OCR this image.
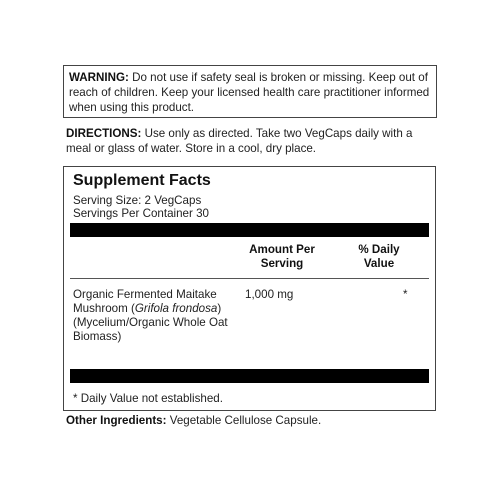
WARNING: Do not use if safety seal is broken or missing. Keep out of reach of children. Keep your licensed health care practitioner informed when using this product.
DIRECTIONS: Use only as directed. Take two VegCaps daily with a meal or glass of water. Store in a cool, dry place.
Supplement Facts
Serving Size: 2 VegCaps
Servings Per Container 30
Amount Per
Serving
% Daily
Value
Organic Fermented Maitake Mushroom (Grifola frondosa) (Mycelium/Organic Whole Oat Biomass)
1,000 mg	*
* Daily Value not established.
Other Ingredients: Vegetable Cellulose Capsule.
